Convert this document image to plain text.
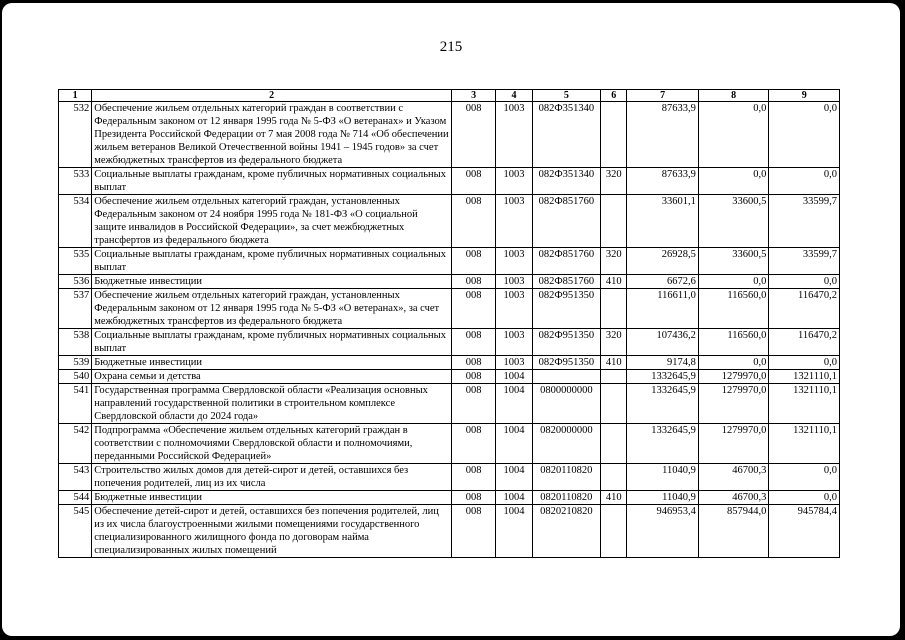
215
1	2	3	4	5	6	7	8	9
532	Обеспечение жильем отдельных категорий граждан в соответствии с Федеральным законом от 12 января 1995 года № 5-ФЗ «О ветеранах» и Указом Президента Российской Федерации от 7 мая 2008 года № 714 «Об обеспечении жильем ветеранов Великой Отечественной войны 1941 – 1945 годов» за счет межбюджетных трансфертов из федерального бюджета	008	1003	082Ф351340		87633,9	0,0	0,0
533	Социальные выплаты гражданам, кроме публичных нормативных социальных выплат	008	1003	082Ф351340	320	87633,9	0,0	0,0
534	Обеспечение жильем отдельных категорий граждан, установленных Федеральным законом от 24 ноября 1995 года № 181-ФЗ «О социальной защите инвалидов в Российской Федерации», за счет межбюджетных трансфертов из федерального бюджета	008	1003	082Ф851760		33601,1	33600,5	33599,7
535	Социальные выплаты гражданам, кроме публичных нормативных социальных выплат	008	1003	082Ф851760	320	26928,5	33600,5	33599,7
536	Бюджетные инвестиции	008	1003	082Ф851760	410	6672,6	0,0	0,0
537	Обеспечение жильем отдельных категорий граждан, установленных Федеральным законом от 12 января 1995 года № 5-ФЗ «О ветеранах», за счет межбюджетных трансфертов из федерального бюджета	008	1003	082Ф951350		116611,0	116560,0	116470,2
538	Социальные выплаты гражданам, кроме публичных нормативных социальных выплат	008	1003	082Ф951350	320	107436,2	116560,0	116470,2
539	Бюджетные инвестиции	008	1003	082Ф951350	410	9174,8	0,0	0,0
540	Охрана семьи и детства	008	1004			1332645,9	1279970,0	1321110,1
541	Государственная программа Свердловской области «Реализация основных направлений государственной политики в строительном комплексе Свердловской области до 2024 года»	008	1004	0800000000		1332645,9	1279970,0	1321110,1
542	Подпрограмма «Обеспечение жильем отдельных категорий граждан в соответствии с полномочиями Свердловской области и полномочиями, переданными Российской Федерацией»	008	1004	0820000000		1332645,9	1279970,0	1321110,1
543	Строительство жилых домов для детей-сирот и детей, оставшихся без попечения родителей, лиц из их числа	008	1004	0820110820		11040,9	46700,3	0,0
544	Бюджетные инвестиции	008	1004	0820110820	410	11040,9	46700,3	0,0
545	Обеспечение детей-сирот и детей, оставшихся без попечения родителей, лиц из их числа благоустроенными жилыми помещениями государственного специализированного жилищного фонда по договорам найма специализированных жилых помещений	008	1004	0820210820		946953,4	857944,0	945784,4
